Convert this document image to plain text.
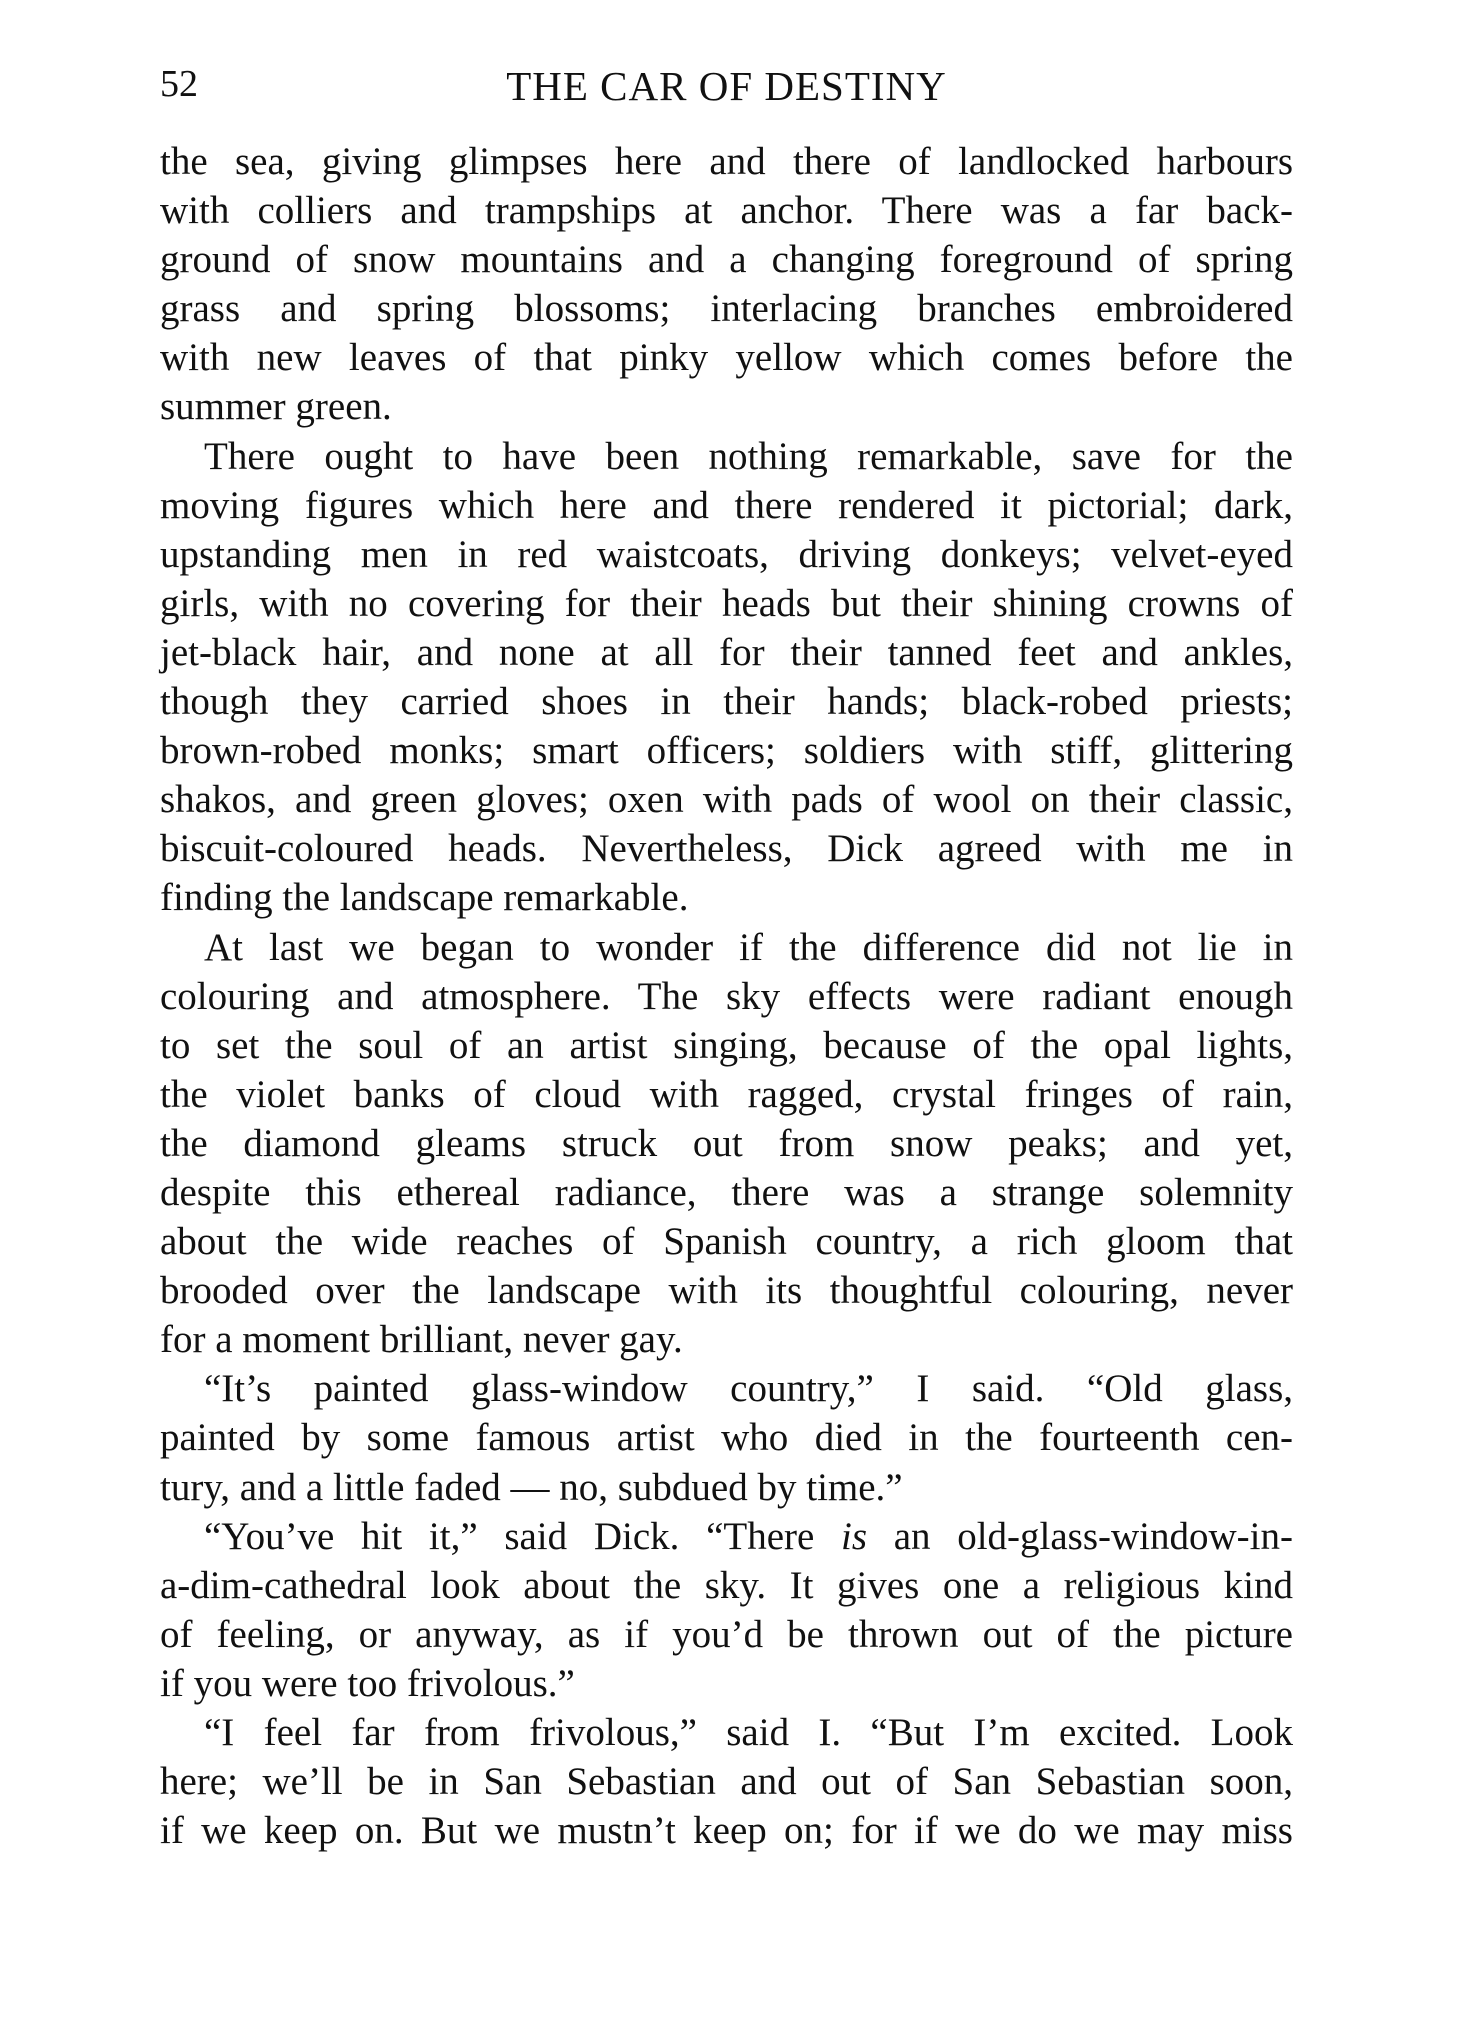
52	THE CAR OF DESTINY
the sea, giving glimpses here and there of landlocked harbours
with colliers and trampships at anchor. There was a far back-
ground of snow mountains and a changing foreground of spring
grass and spring blossoms; interlacing branches embroidered
with new leaves of that pinky yellow which comes before the
summer green.
There ought to have been nothing remarkable, save for the
moving figures which here and there rendered it pictorial; dark,
upstanding men in red waistcoats, driving donkeys; velvet-eyed
girls, with no covering for their heads but their shining crowns of
jet-black hair, and none at all for their tanned feet and ankles,
though they carried shoes in their hands; black-robed priests;
brown-robed monks; smart officers; soldiers with stiff, glittering
shakos, and green gloves; oxen with pads of wool on their classic,
biscuit-coloured heads. Nevertheless, Dick agreed with me in
finding the landscape remarkable.
At last we began to wonder if the difference did not lie in
colouring and atmosphere. The sky effects were radiant enough
to set the soul of an artist singing, because of the opal lights,
the violet banks of cloud with ragged, crystal fringes of rain,
the diamond gleams struck out from snow peaks; and yet,
despite this ethereal radiance, there was a strange solemnity
about the wide reaches of Spanish country, a rich gloom that
brooded over the landscape with its thoughtful colouring, never
for a moment brilliant, never gay.
“It’s painted glass-window country,” I said. “Old glass,
painted by some famous artist who died in the fourteenth cen-
tury, and a little faded — no, subdued by time.”
“You’ve hit it,” said Dick. “There is an old-glass-window-in-
a-dim-cathedral look about the sky. It gives one a religious kind
of feeling, or anyway, as if you’d be thrown out of the picture
if you were too frivolous.”
“I feel far from frivolous,” said I. “But I’m excited. Look
here; we’ll be in San Sebastian and out of San Sebastian soon,
if we keep on. But we mustn’t keep on; for if we do we may miss
